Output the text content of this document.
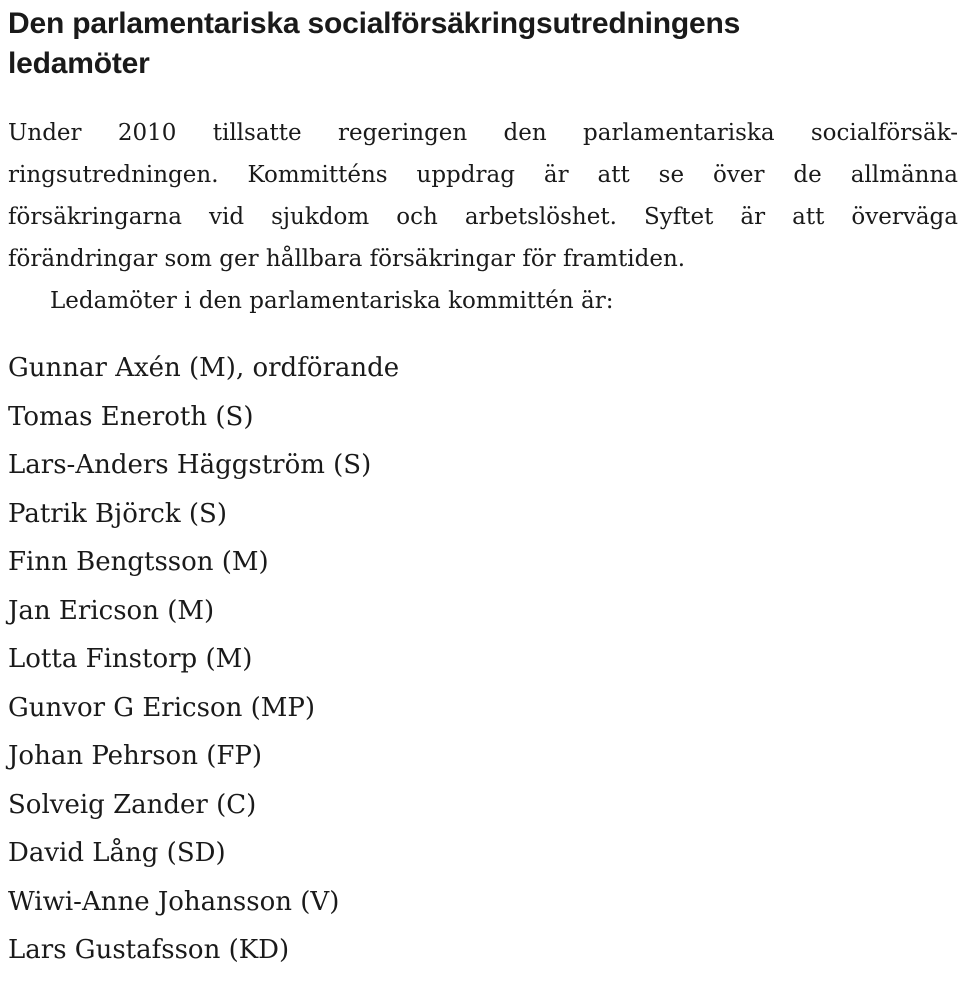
Den parlamentariska socialförsäkringsutredningens
ledamöter

Under 2010 tillsatte regeringen den parlamentariska socialförsäk-
ringsutredningen. Kommitténs uppdrag är att se över de allmänna
försäkringarna vid sjukdom och arbetslöshet. Syftet är att överväga
förändringar som ger hållbara försäkringar för framtiden.
Ledamöter i den parlamentariska kommittén är:

Gunnar Axén (M), ordförande
Tomas Eneroth (S)
Lars-Anders Häggström (S)
Patrik Björck (S)
Finn Bengtsson (M)
Jan Ericson (M)
Lotta Finstorp (M)
Gunvor G Ericson (MP)
Johan Pehrson (FP)
Solveig Zander (C)
David Lång (SD)
Wiwi-Anne Johansson (V)
Lars Gustafsson (KD)
